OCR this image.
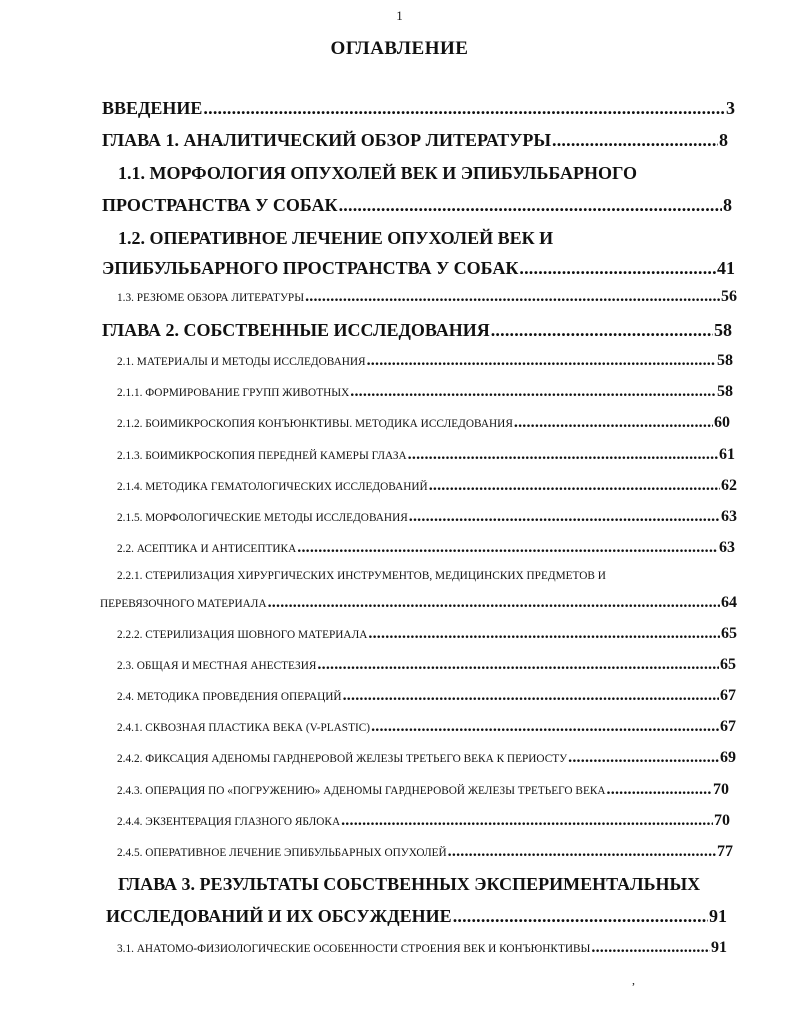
1
ОГЛАВЛЕНИЕ
ВВЕДЕНИЕ .....	3
ГЛАВА 1. АНАЛИТИЧЕСКИЙ ОБЗОР ЛИТЕРАТУРЫ .....	8
1.1. МОРФОЛОГИЯ ОПУХОЛЕЙ ВЕК И ЭПИБУЛЬБАРНОГО
ПРОСТРАНСТВА У СОБАК .....	8
1.2. ОПЕРАТИВНОЕ ЛЕЧЕНИЕ ОПУХОЛЕЙ ВЕК И
ЭПИБУЛЬБАРНОГО ПРОСТРАНСТВА У СОБАК .....	41
1.3. РЕЗЮМЕ ОБЗОРА ЛИТЕРАТУРЫ .....	56
ГЛАВА 2. СОБСТВЕННЫЕ ИССЛЕДОВАНИЯ .....	58
2.1. МАТЕРИАЛЫ И МЕТОДЫ ИССЛЕДОВАНИЯ .....	58
2.1.1. ФОРМИРОВАНИЕ ГРУПП ЖИВОТНЫХ .....	58
2.1.2. БОИМИКРОСКОПИЯ КОНЪЮНКТИВЫ. МЕТОДИКА ИССЛЕДОВАНИЯ .....	60
2.1.3. БОИМИКРОСКОПИЯ ПЕРЕДНЕЙ КАМЕРЫ ГЛАЗА .....	61
2.1.4. МЕТОДИКА ГЕМАТОЛОГИЧЕСКИХ ИССЛЕДОВАНИЙ .....	62
2.1.5. МОРФОЛОГИЧЕСКИЕ МЕТОДЫ ИССЛЕДОВАНИЯ .....	63
2.2. АСЕПТИКА И АНТИСЕПТИКА .....	63
2.2.1. СТЕРИЛИЗАЦИЯ ХИРУРГИЧЕСКИХ ИНСТРУМЕНТОВ, МЕДИЦИНСКИХ ПРЕДМЕТОВ И
ПЕРЕВЯЗОЧНОГО МАТЕРИАЛА .....	64
2.2.2. СТЕРИЛИЗАЦИЯ ШОВНОГО МАТЕРИАЛА .....	65
2.3. ОБЩАЯ И МЕСТНАЯ АНЕСТЕЗИЯ .....	65
2.4. МЕТОДИКА ПРОВЕДЕНИЯ ОПЕРАЦИЙ .....	67
2.4.1. СКВОЗНАЯ ПЛАСТИКА ВЕКА (V-PLASTIC) .....	67
2.4.2. ФИКСАЦИЯ АДЕНОМЫ ГАРДНЕРОВОЙ ЖЕЛЕЗЫ ТРЕТЬЕГО ВЕКА К ПЕРИОСТУ .....	69
2.4.3. ОПЕРАЦИЯ ПО «ПОГРУЖЕНИЮ» АДЕНОМЫ ГАРДНЕРОВОЙ ЖЕЛЕЗЫ ТРЕТЬЕГО ВЕКА .....	70
2.4.4. ЭКЗЕНТЕРАЦИЯ ГЛАЗНОГО ЯБЛОКА .....	70
2.4.5. ОПЕРАТИВНОЕ ЛЕЧЕНИЕ ЭПИБУЛЬБАРНЫХ ОПУХОЛЕЙ .....	77
ГЛАВА 3. РЕЗУЛЬТАТЫ СОБСТВЕННЫХ ЭКСПЕРИМЕНТАЛЬНЫХ
ИССЛЕДОВАНИЙ И ИХ ОБСУЖДЕНИЕ .....	91
3.1. АНАТОМО-ФИЗИОЛОГИЧЕСКИЕ ОСОБЕННОСТИ СТРОЕНИЯ ВЕК И КОНЪЮНКТИВЫ .....	91
,
